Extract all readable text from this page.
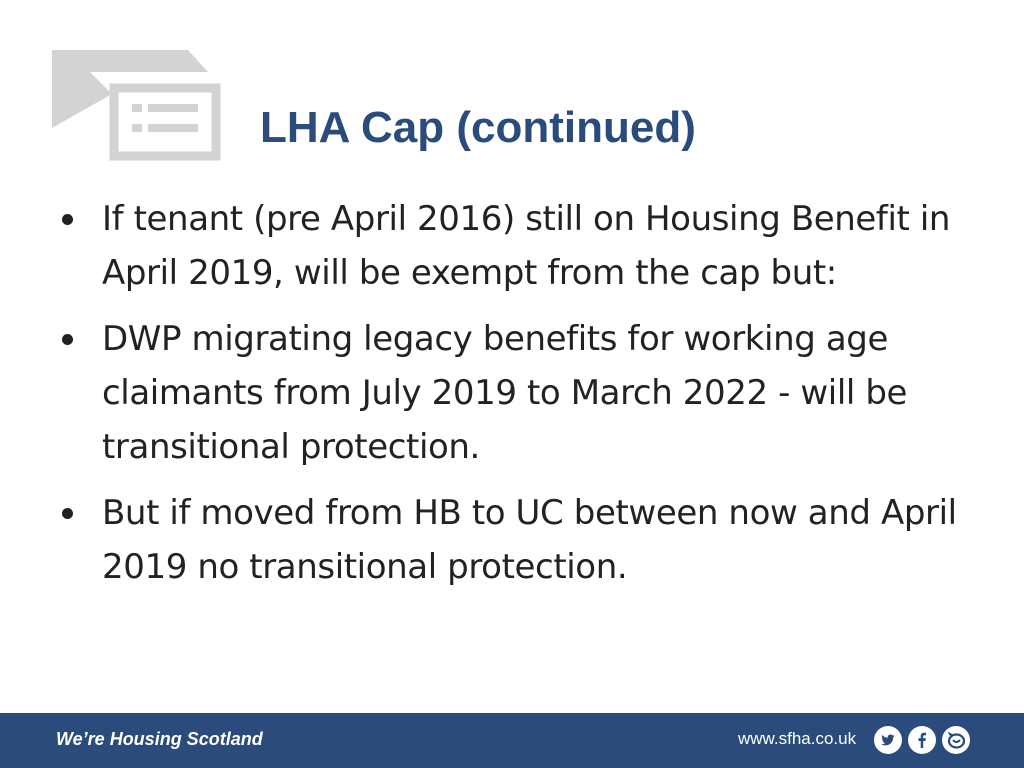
LHA Cap (continued)
If tenant (pre April 2016) still on Housing Benefit in April 2019, will be exempt from the cap but:
DWP migrating legacy benefits for working age claimants from July 2019 to March 2022 - will be transitional protection.
But if moved from HB to UC between now and April 2019 no transitional protection.
We’re Housing Scotland	www.sfha.co.uk
